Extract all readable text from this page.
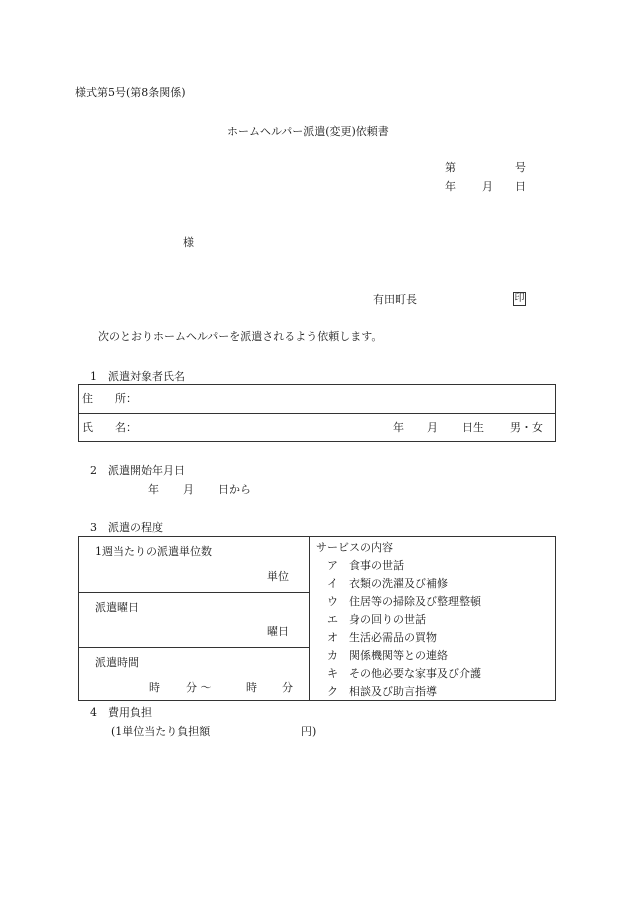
様式第5号(第8条関係)
ホームヘルパー派遣(変更)依頼書
第	号
年 月 日
様
有田町長	印
次のとおりホームヘルパーを派遣されるよう依頼します。
1　派遣対象者氏名
住　　所：
氏　　名：	年 月 日生 男・女
2　派遣開始年月日
年 月 日から
3　派遣の程度
1週当たりの派遣単位数
単位
派遣曜日
曜日
派遣時間
時 分 ～	時 分
サービスの内容
ア　 食事の世話
イ　 衣類の洗濯及び補修
ウ　 住居等の掃除及び整理整頓
エ　 身の回りの世話
オ　 生活必需品の買物
カ　 関係機関等との連絡
キ　 その他必要な家事及び介護
ク　 相談及び助言指導
4　費用負担
(1単位当たり負担額	円)
